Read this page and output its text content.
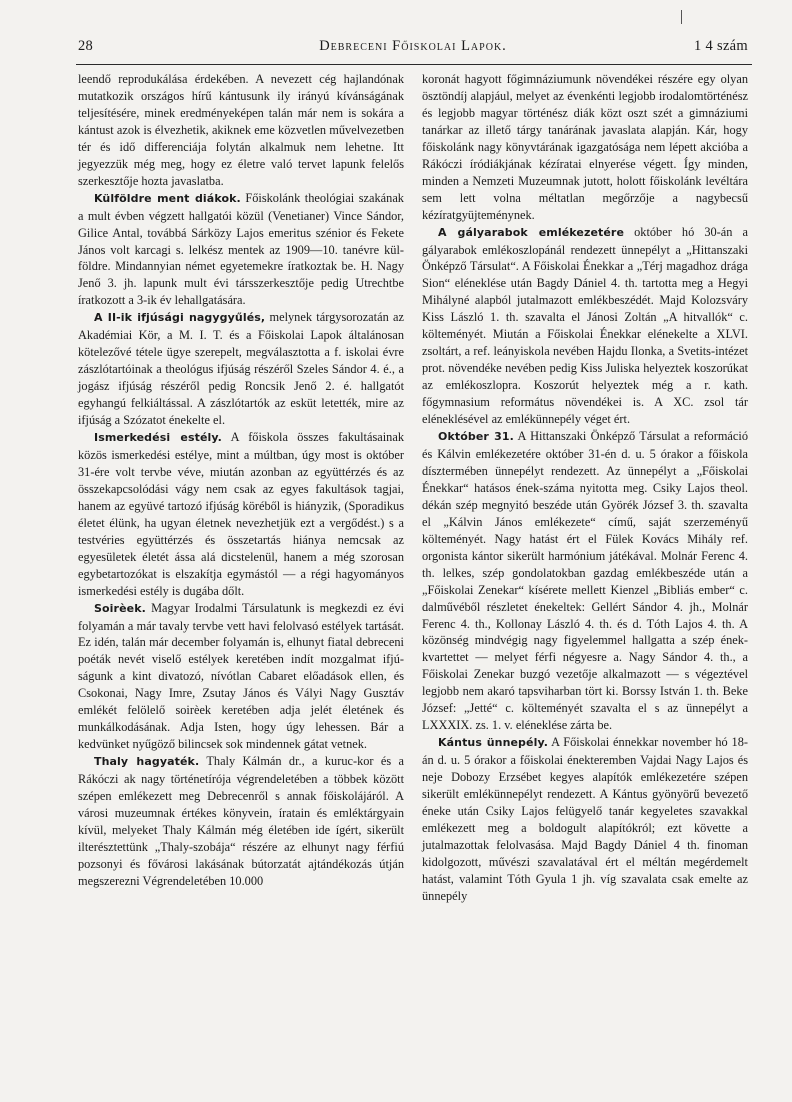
28	Debreceni Főiskolai Lapok.	1 4 szám

leendő reprodukálása érdekében. A nevezett cég hajlandónak mutatkozik országos hírű kántusunk ily irányú kívánságának teljesítésére, minek eredményeképen talán már nem is sokára a kántust azok is élvezhetik, akiknek eme közvetlen művelvezetben tér és idő differenciája folytán alkalmuk nem lehetne. Itt jegyezzük még meg, hogy ez életre való tervet lapunk felelős szerkesztője hozta javaslatba.

Külföldre ment diákok. Főiskolánk theológiai szakának a mult évben végzett hallgatói közül (Venetianer) Vince Sándor, Gilice Antal, továbbá Sárközy Lajos emeritus szénior és Fekete János volt karcagi s. lelkész mentek az 1909—10. tanévre külföldre. Mindannyian német egyetemekre íratkoztak be. H. Nagy Jenő 3. jh. lapunk mult évi társszerkesztője pedig Utrechtbe íratkozott a 3-ik év lehallgatására.

A II-ik ifjúsági nagygyűlés, melynek tárgysorozatán az Akadémiai Kör, a M. I. T. és a Főiskolai Lapok általánosan kötelezővé tétele ügye szerepelt, megválasztotta a f. iskolai évre zászlótartóinak a theológus ifjúság részéről Szeles Sándor 4. é., a jogász ifjúság részéről pedig Roncsik Jenő 2. é. hallgatót egyhangú felkiáltással. A zászlótartók az esküt letették, mire az ifjúság a Szózatot énekelte el.

Ismerkedési estély. A főiskola összes fakultásainak közös ismerkedési estélye, mint a múltban, úgy most is október 31-ére volt tervbe véve, miután azonban az együttérzés és az összekapcsolódási vágy nem csak az egyes fakultások tagjai, hanem az együvé tartozó ifjúság köréből is hiányzik, (Sporadikus életet élünk, ha ugyan életnek nevezhetjük ezt a vergődést.) s a testvéries együttérzés és összetartás hiánya nemcsak az egyesületek életét ássa alá dicstelenül, hanem a még szorosan egybetartozókat is elszakítja egymástól — a régi hagyományos ismerkedési estély is dugába dőlt.

Soirèek. Magyar Irodalmi Társulatunk is megkezdi ez évi folyamán a már tavaly tervbe vett havi felolvasó estélyek tartását. Ez idén, talán már december folyamán is, elhunyt fiatal debreceni poéták nevét viselő estélyek keretében indít mozgalmat ifjúságunk a kint divatozó, nívótlan Cabaret előadások ellen, és Csokonai, Nagy Imre, Zsutay János és Vályi Nagy Gusztáv emlékét felölelő soirèek keretében adja jelét életének és munkálkodásának. Adja Isten, hogy úgy lehessen. Bár a kedvünket nyűgöző bilincsek sok mindennek gátat vetnek.

Thaly hagyaték. Thaly Kálmán dr., a kuruc-kor és a Rákóczi ak nagy történetírója végrendeletében a többek között szépen emlékezett meg Debrecenről s annak főiskolájáról. A városi muzeumnak értékes könyvein, íratain és emléktárgyain kívül, melyeket Thaly Kálmán még életében ide ígért, sikerült ilterésztettünk „Thaly-szobája“ részére az elhunyt nagy férfiú pozsonyi és fővárosi lakásának bútorzatát ajtándékozás útján megszerezni Végrendeletében 10.000

koronát hagyott főgimnáziumunk növendékei részére egy olyan ösztöndíj alapjául, melyet az évenkénti legjobb irodalomtörténész és legjobb magyar történész diák közt oszt szét a gimnáziumi tanárkar az illető tárgy tanárának javaslata alapján. Kár, hogy főiskolánk nagy könyvtárának igazgatósága nem lépett akcióba a Rákóczi íródiákjának kézíratai elnyerése végett. Így minden, minden a Nemzeti Muzeumnak jutott, holott főiskolánk levéltára sem lett volna méltatlan megőrzője a nagybecsű kézíratgyüjteménynek.

A gályarabok emlékezetére október hó 30-án a gályarabok emlékoszlopánál rendezett ünnepélyt a „Hittanszaki Önképző Társulat“. A Főiskolai Énekkar a „Térj magadhoz drága Sion“ eléneklése után Bagdy Dániel 4. th. tartotta meg a Hegyi Mihályné alapból jutalmazott emlékbeszédét. Majd Kolozsváry Kiss László 1. th. szavalta el Jánosi Zoltán „A hitvallók“ c. költeményét. Miután a Főiskolai Énekkar elénekelte a XLVI. zsoltárt, a ref. leányiskola nevében Hajdu Ilonka, a Svetits-intézet prot. növendéke nevében pedig Kiss Juliska helyeztek koszorúkat az emlékoszlopra. Koszorút helyeztek még a r. kath. főgymnasium református növendékei is. A XC. zsol tár eléneklésével az emlékünnepély véget ért.

Október 31. A Hittanszaki Önképző Társulat a reformáció és Kálvin emlékezetére október 31-én d. u. 5 órakor a főiskola dísztermében ünnepélyt rendezett. Az ünnepélyt a „Főiskolai Énekkar“ hatásos ének-száma nyitotta meg. Csiky Lajos theol. dékán szép megnyitó beszéde után Györék József 3. th. szavalta el „Kálvin János emlékezete“ című, saját szerzeményű költeményét. Nagy hatást ért el Fülek Kovács Mihály ref. orgonista kántor sikerült harmónium játékával. Molnár Ferenc 4. th. lelkes, szép gondolatokban gazdag emlékbeszéde után a „Főiskolai Zenekar“ kísérete mellett Kienzel „Bibliás ember“ c. dalművéből részletet énekeltek: Gellért Sándor 4. jh., Molnár Ferenc 4. th., Kollonay László 4. th. és d. Tóth Lajos 4. th. A közönség mindvégig nagy figyelemmel hallgatta a szép ének-kvartettet — melyet férfi négyesre a. Nagy Sándor 4. th., a Főiskolai Zenekar buzgó vezetője alkalmazott — s végeztével legjobb nem akaró tapsviharban tört ki. Borssy István 1. th. Beke József: „Jetté“ c. költeményét szavalta el s az ünnepélyt a LXXXIX. zs. 1. v. eléneklése zárta be.

Kántus ünnepély. A Főiskolai énnekkar november hó 18-án d. u. 5 órakor a főiskolai énekteremben Vajdai Nagy Lajos és neje Dobozy Erzsébet kegyes alapítók emlékezetére szépen sikerült emlékünnepélyt rendezett. A Kántus gyönyörű bevezető éneke után Csiky Lajos felügyelő tanár kegyeletes szavakkal emlékezett meg a boldogult alapítókról; ezt követte a jutalmazottak felolvasása. Majd Bagdy Dániel 4 th. finoman kidolgozott, művészi szavalatával ért el méltán megérdemelt hatást, valamint Tóth Gyula 1 jh. víg szavalata csak emelte az ünnepély
